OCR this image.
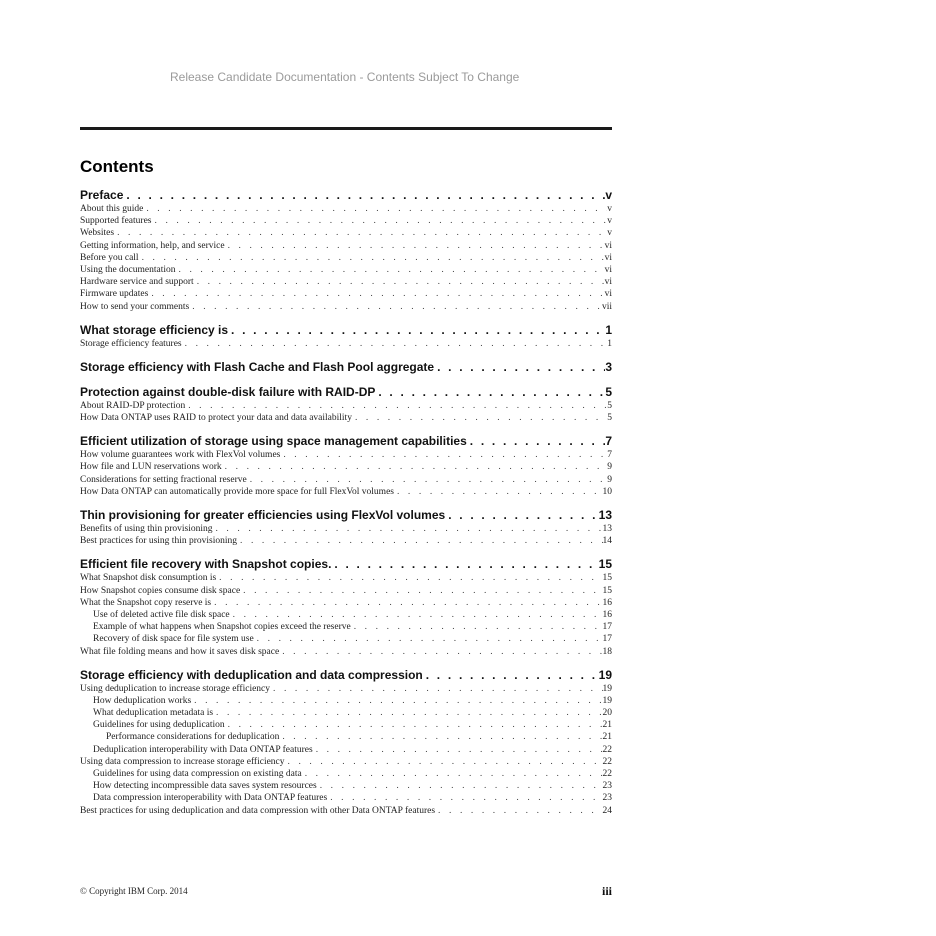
Release Candidate Documentation - Contents Subject To Change
Contents
Preface . . .	v
About this guide . . .	v
Supported features . . .	v
Websites . . .	v
Getting information, help, and service . . .	vi
Before you call . . .	vi
Using the documentation . . .	vi
Hardware service and support . . .	vi
Firmware updates . . .	vi
How to send your comments . . .	vii
What storage efficiency is . . .	1
Storage efficiency features . . .	1
Storage efficiency with Flash Cache and Flash Pool aggregate . . .	3
Protection against double-disk failure with RAID-DP . . .	5
About RAID-DP protection . . .	5
How Data ONTAP uses RAID to protect your data and data availability . . .	5
Efficient utilization of storage using space management capabilities . . .	7
How volume guarantees work with FlexVol volumes . . .	7
How file and LUN reservations work . . .	9
Considerations for setting fractional reserve . . .	9
How Data ONTAP can automatically provide more space for full FlexVol volumes . . .	10
Thin provisioning for greater efficiencies using FlexVol volumes . . .	13
Benefits of using thin provisioning . . .	13
Best practices for using thin provisioning . . .	14
Efficient file recovery with Snapshot copies. . . .	15
What Snapshot disk consumption is . . .	15
How Snapshot copies consume disk space . . .	15
What the Snapshot copy reserve is . . .	16
Use of deleted active file disk space . . .	16
Example of what happens when Snapshot copies exceed the reserve . . .	17
Recovery of disk space for file system use . . .	17
What file folding means and how it saves disk space . . .	18
Storage efficiency with deduplication and data compression . . .	19
Using deduplication to increase storage efficiency . . .	19
How deduplication works . . .	19
What deduplication metadata is . . .	20
Guidelines for using deduplication . . .	21
Performance considerations for deduplication . . .	21
Deduplication interoperability with Data ONTAP features . . .	22
Using data compression to increase storage efficiency . . .	22
Guidelines for using data compression on existing data . . .	22
How detecting incompressible data saves system resources . . .	23
Data compression interoperability with Data ONTAP features . . .	23
Best practices for using deduplication and data compression with other Data ONTAP features . . .	24
© Copyright IBM Corp. 2014	iii
